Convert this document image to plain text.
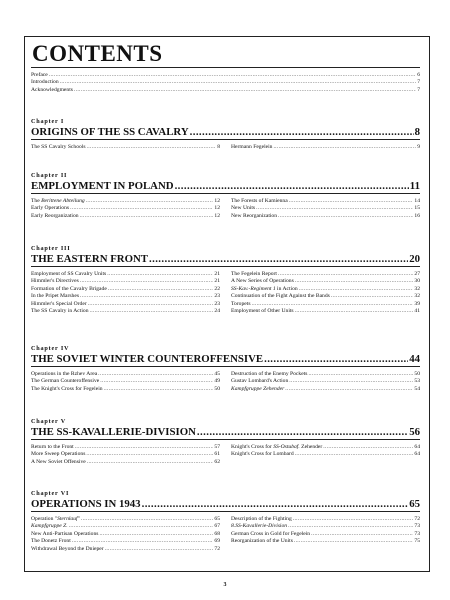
CONTENTS
Preface .....	6
Introduction .....	7
Acknowledgments .....	7
Chapter I
ORIGINS OF THE SS CAVALRY .....	8
The SS Cavalry Schools .....	8 Hermann Fegelein .....	9
Chapter II
EMPLOYMENT IN POLAND .....	11
The Berittene Abteilung .....	12
Early Operations .....	12
Early Reorganization .....	12
The Forests of Kamienna .....	14
New Units .....	15
New Reorganization .....	16
Chapter III
THE EASTERN FRONT .....	20
Employment of SS Cavalry Units .....	21
Himmler's Directives .....	21
Formation of the Cavalry Brigade .....	22
In the Pripet Marshes .....	23
Himmler's Special Order .....	23
The SS Cavalry in Action .....	24
The Fegelein Report .....	27
A New Series of Operations .....	30
SS-Kav.-Regiment 1 in Action .....	32
Continuation of the Fight Against the Bands .....	32
Toropets .....	39
Employment of Other Units .....	41
Chapter IV
THE SOVIET WINTER COUNTEROFFENSIVE .....	44
Operations in the Rzhev Area .....	45
The German Counteroffensive .....	49
The Knight's Cross for Fegelein .....	50
Destruction of the Enemy Pockets .....	50
Gustav Lombard's Action .....	53
Kampfgruppe Zehender .....	54
Chapter V
THE SS-KAVALLERIE-DIVISION .....	56
Return to the Front .....	57
More Sweep Operations .....	61
A New Soviet Offensive .....	62
Knight's Cross for SS-Ostubaf. Zehender .....	64
Knight's Cross for Lombard .....	64
Chapter VI
OPERATIONS IN 1943 .....	65
Operation "Sternlauf" .....	65
Kampfgruppe Z. .....	67
New Anti-Partisan Operations .....	68
The Donetz Front .....	69
Withdrawal Beyond the Dnieper .....	72
Description of the Fighting .....	72
8.SS-Kavallerie-Division .....	73
German Cross in Gold for Fegelein .....	73
Reorganization of the Units .....	75
3
